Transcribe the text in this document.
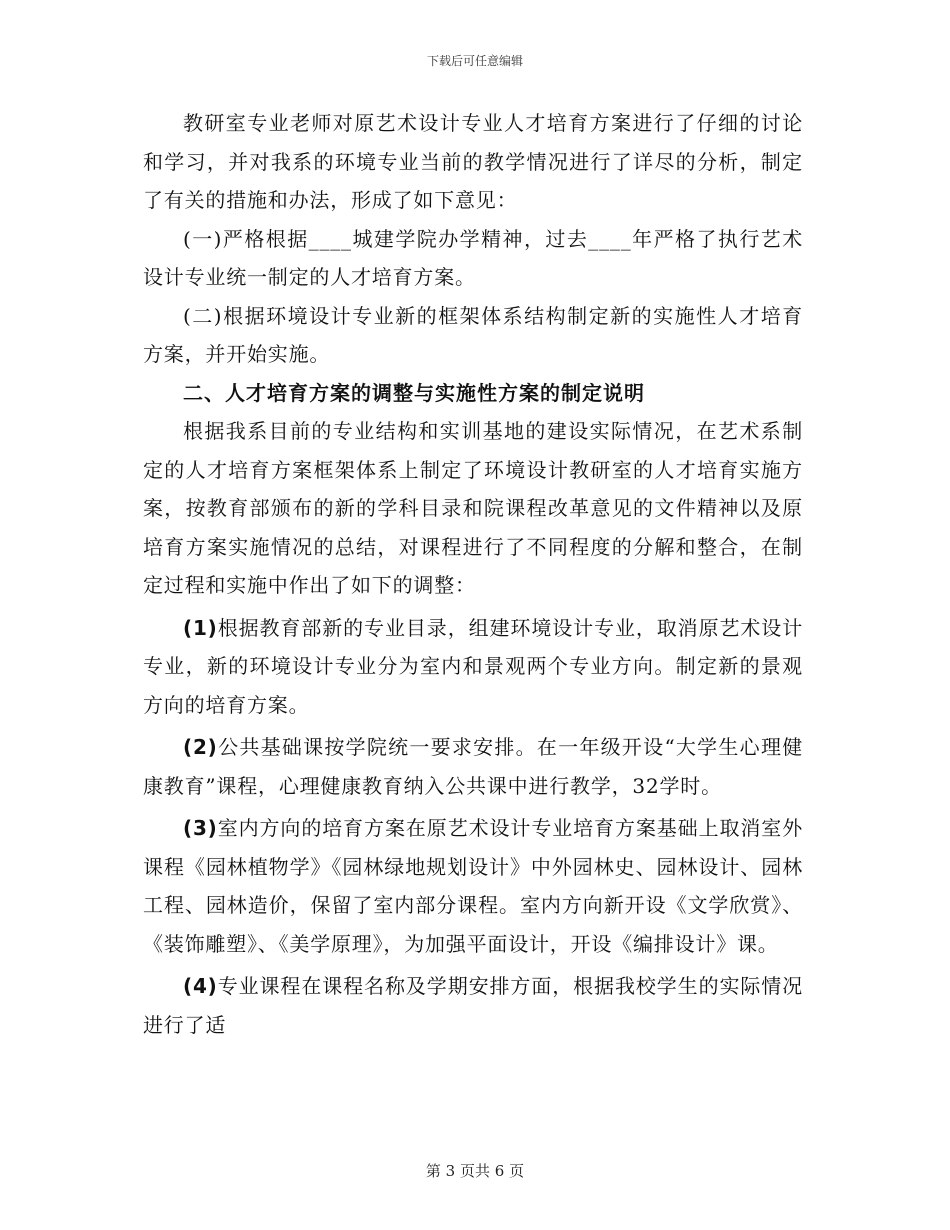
下载后可任意编辑

教研室专业老师对原艺术设计专业人才培育方案进行了仔细的讨论和学习，并对我系的环境专业当前的教学情况进行了详尽的分析，制定了有关的措施和办法，形成了如下意见：

(一)严格根据____城建学院办学精神，过去____年严格了执行艺术设计专业统一制定的人才培育方案。

(二)根据环境设计专业新的框架体系结构制定新的实施性人才培育方案，并开始实施。

二、人才培育方案的调整与实施性方案的制定说明

根据我系目前的专业结构和实训基地的建设实际情况，在艺术系制定的人才培育方案框架体系上制定了环境设计教研室的人才培育实施方案，按教育部颁布的新的学科目录和院课程改革意见的文件精神以及原培育方案实施情况的总结，对课程进行了不同程度的分解和整合，在制定过程和实施中作出了如下的调整：

(1)根据教育部新的专业目录，组建环境设计专业，取消原艺术设计专业，新的环境设计专业分为室内和景观两个专业方向。制定新的景观方向的培育方案。

(2)公共基础课按学院统一要求安排。在一年级开设“大学生心理健康教育”课程，心理健康教育纳入公共课中进行教学，32学时。

(3)室内方向的培育方案在原艺术设计专业培育方案基础上取消室外课程《园林植物学》《园林绿地规划设计》中外园林史、园林设计、园林工程、园林造价，保留了室内部分课程。室内方向新开设《文学欣赏》、《装饰雕塑》、《美学原理》，为加强平面设计，开设《编排设计》课。

(4)专业课程在课程名称及学期安排方面，根据我校学生的实际情况进行了适

第 3 页共 6 页
